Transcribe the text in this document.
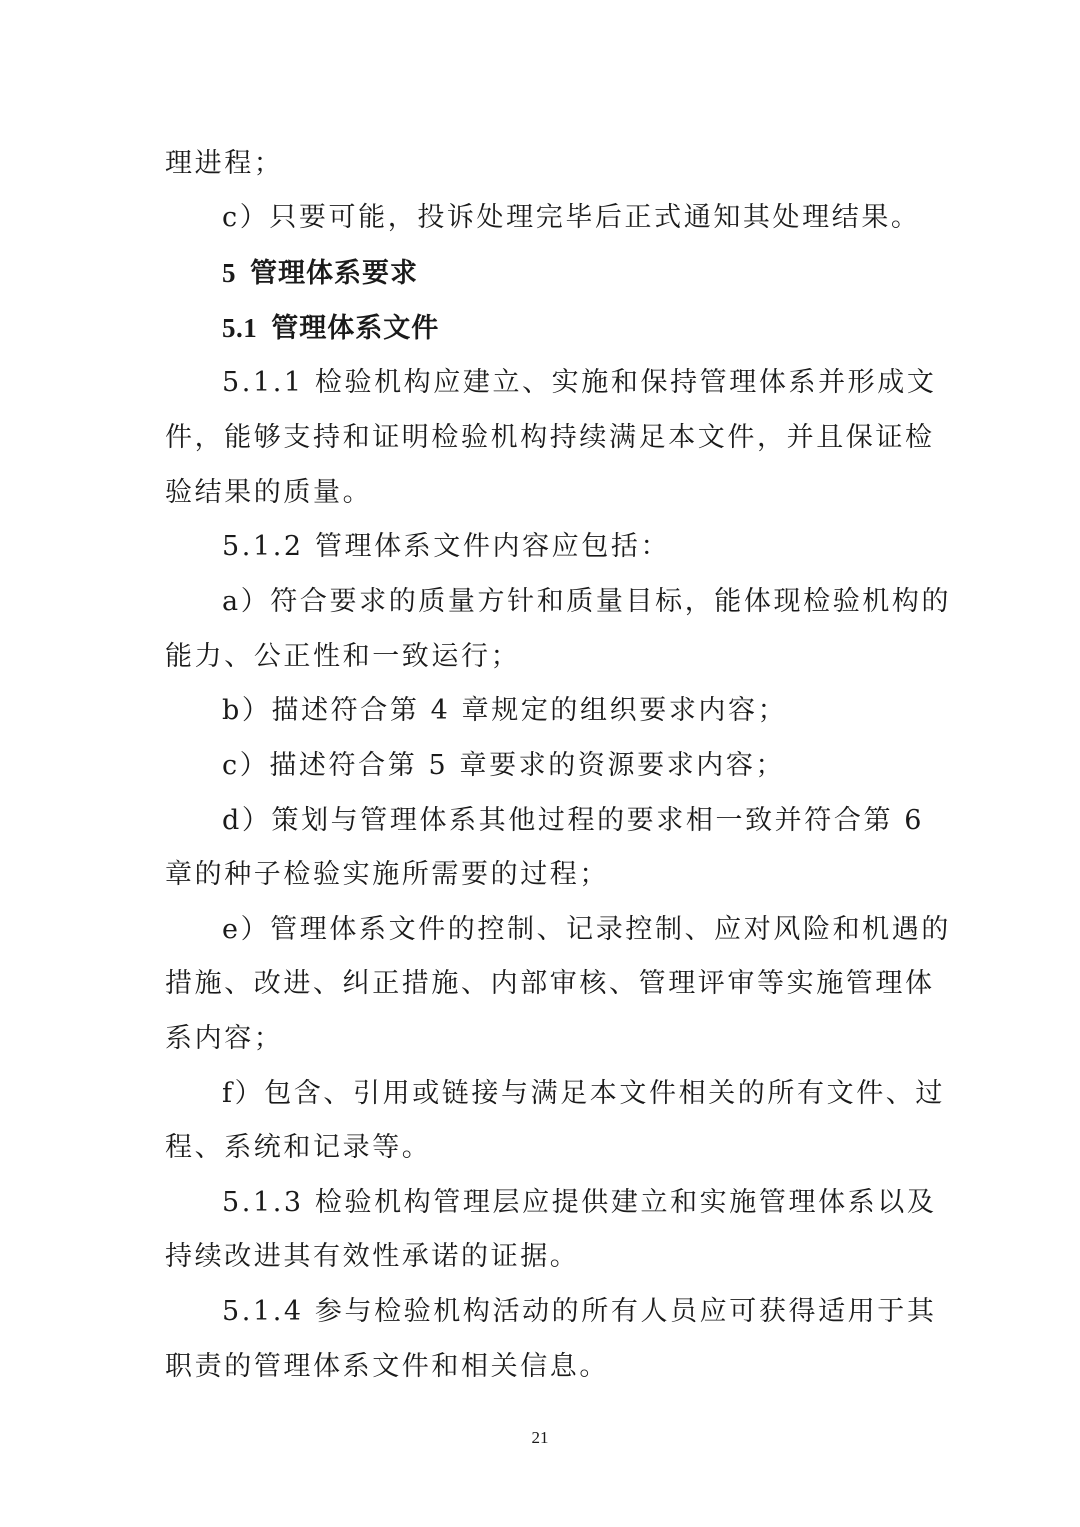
理进程；
c）只要可能，投诉处理完毕后正式通知其处理结果。
5 管理体系要求
5.1 管理体系文件
5.1.1 检验机构应建立、实施和保持管理体系并形成文
件，能够支持和证明检验机构持续满足本文件，并且保证检
验结果的质量。
5.1.2 管理体系文件内容应包括：
a）符合要求的质量方针和质量目标，能体现检验机构的
能力、公正性和一致运行；
b）描述符合第 4 章规定的组织要求内容；
c）描述符合第 5 章要求的资源要求内容；
d）策划与管理体系其他过程的要求相一致并符合第 6
章的种子检验实施所需要的过程；
e）管理体系文件的控制、记录控制、应对风险和机遇的
措施、改进、纠正措施、内部审核、管理评审等实施管理体
系内容；
f）包含、引用或链接与满足本文件相关的所有文件、过
程、系统和记录等。
5.1.3 检验机构管理层应提供建立和实施管理体系以及
持续改进其有效性承诺的证据。
5.1.4 参与检验机构活动的所有人员应可获得适用于其
职责的管理体系文件和相关信息。
21
